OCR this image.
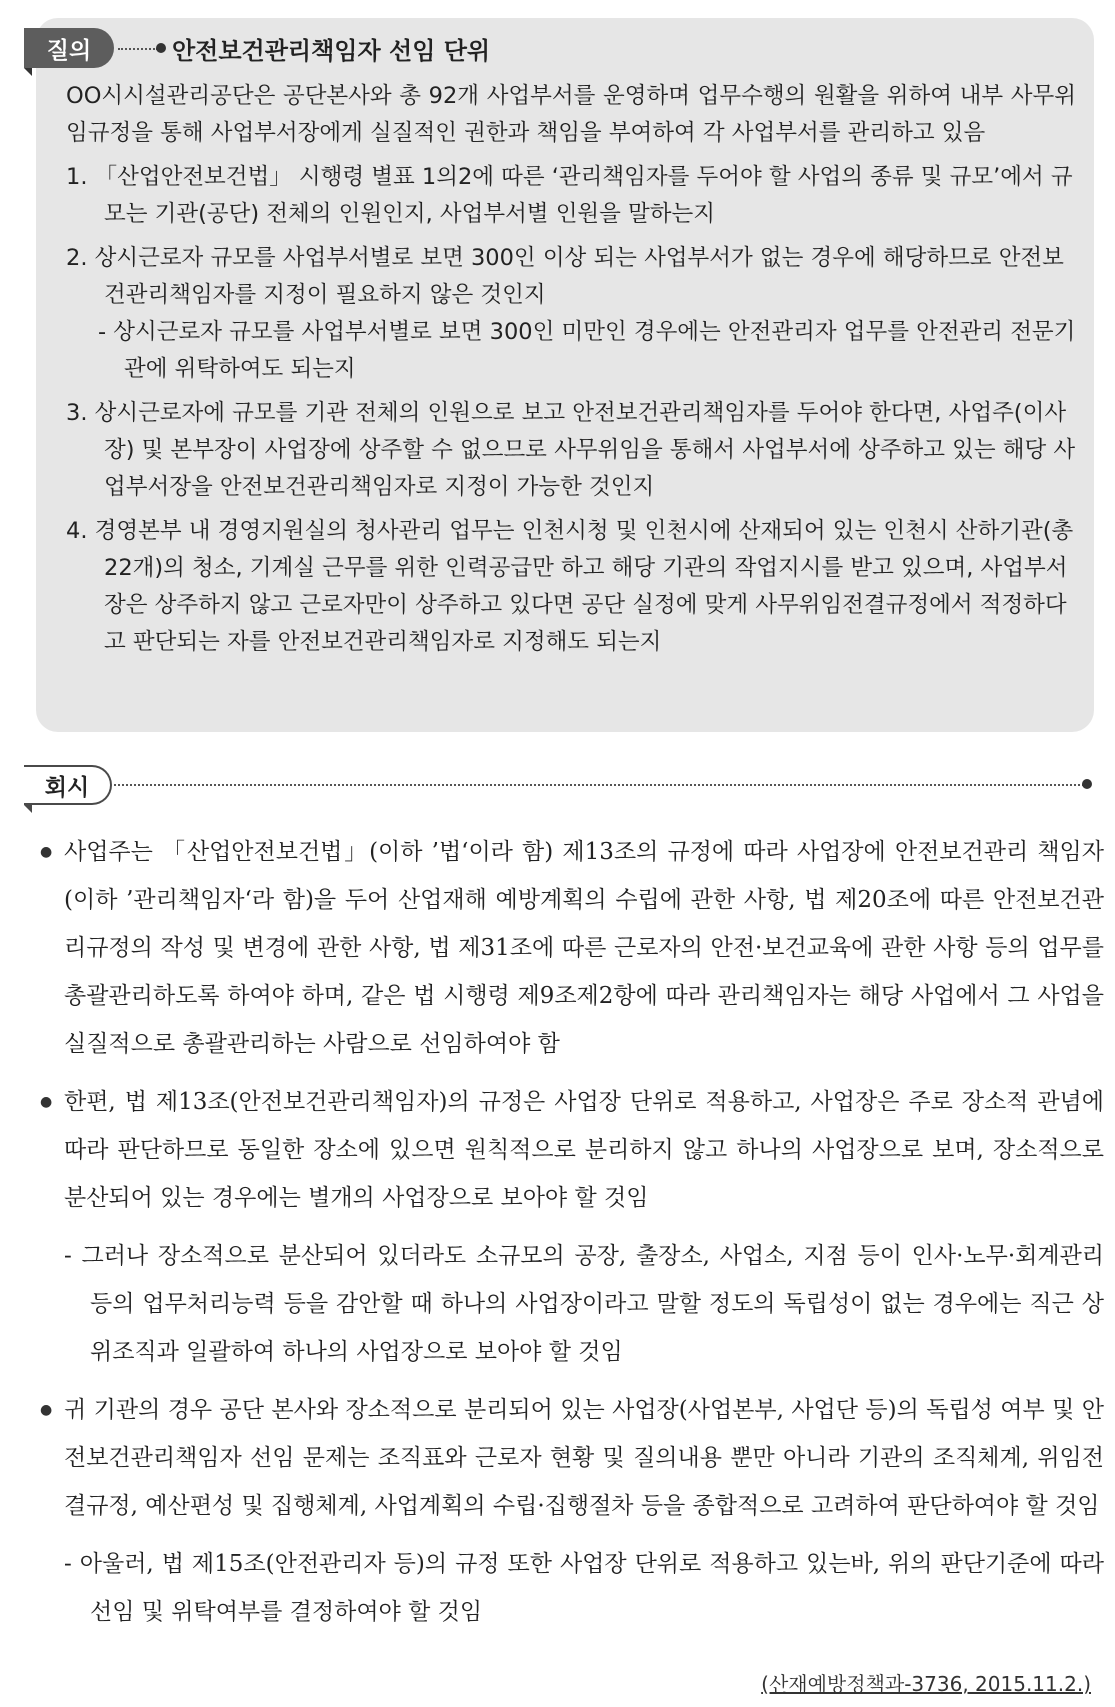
질의	안전보건관리책임자 선임 단위

OO시시설관리공단은 공단본사와 총 92개 사업부서를 운영하며 업무수행의 원활을 위하여 내부 사무위임규정을 통해 사업부서장에게 실질적인 권한과 책임을 부여하여 각 사업부서를 관리하고 있음

1. 「산업안전보건법」 시행령 별표 1의2에 따른 ‘관리책임자를 두어야 할 사업의 종류 및 규모’에서 규모는 기관(공단) 전체의 인원인지, 사업부서별 인원을 말하는지

2. 상시근로자 규모를 사업부서별로 보면 300인 이상 되는 사업부서가 없는 경우에 해당하므로 안전보건관리책임자를 지정이 필요하지 않은 것인지

- 상시근로자 규모를 사업부서별로 보면 300인 미만인 경우에는 안전관리자 업무를 안전관리 전문기관에 위탁하여도 되는지

3. 상시근로자에 규모를 기관 전체의 인원으로 보고 안전보건관리책임자를 두어야 한다면, 사업주(이사장) 및 본부장이 사업장에 상주할 수 없으므로 사무위임을 통해서 사업부서에 상주하고 있는 해당 사업부서장을 안전보건관리책임자로 지정이 가능한 것인지

4. 경영본부 내 경영지원실의 청사관리 업무는 인천시청 및 인천시에 산재되어 있는 인천시 산하기관(총 22개)의 청소, 기계실 근무를 위한 인력공급만 하고 해당 기관의 작업지시를 받고 있으며, 사업부서장은 상주하지 않고 근로자만이 상주하고 있다면 공단 실정에 맞게 사무위임전결규정에서 적정하다고 판단되는 자를 안전보건관리책임자로 지정해도 되는지

회시

● 사업주는 「산업안전보건법」(이하 ’법‘이라 함) 제13조의 규정에 따라 사업장에 안전보건관리 책임자(이하 ’관리책임자‘라 함)을 두어 산업재해 예방계획의 수립에 관한 사항, 법 제20조에 따른 안전보건관리규정의 작성 및 변경에 관한 사항, 법 제31조에 따른 근로자의 안전·보건교육에 관한 사항 등의 업무를 총괄관리하도록 하여야 하며, 같은 법 시행령 제9조제2항에 따라 관리책임자는 해당 사업에서 그 사업을 실질적으로 총괄관리하는 사람으로 선임하여야 함

● 한편, 법 제13조(안전보건관리책임자)의 규정은 사업장 단위로 적용하고, 사업장은 주로 장소적 관념에 따라 판단하므로 동일한 장소에 있으면 원칙적으로 분리하지 않고 하나의 사업장으로 보며, 장소적으로 분산되어 있는 경우에는 별개의 사업장으로 보아야 할 것임

- 그러나 장소적으로 분산되어 있더라도 소규모의 공장, 출장소, 사업소, 지점 등이 인사·노무·회계관리 등의 업무처리능력 등을 감안할 때 하나의 사업장이라고 말할 정도의 독립성이 없는 경우에는 직근 상위조직과 일괄하여 하나의 사업장으로 보아야 할 것임

● 귀 기관의 경우 공단 본사와 장소적으로 분리되어 있는 사업장(사업본부, 사업단 등)의 독립성 여부 및 안전보건관리책임자 선임 문제는 조직표와 근로자 현황 및 질의내용 뿐만 아니라 기관의 조직체계, 위임전결규정, 예산편성 및 집행체계, 사업계획의 수립·집행절차 등을 종합적으로 고려하여 판단하여야 할 것임

- 아울러, 법 제15조(안전관리자 등)의 규정 또한 사업장 단위로 적용하고 있는바, 위의 판단기준에 따라 선임 및 위탁여부를 결정하여야 할 것임

(산재예방정책과-3736, 2015.11.2.)
